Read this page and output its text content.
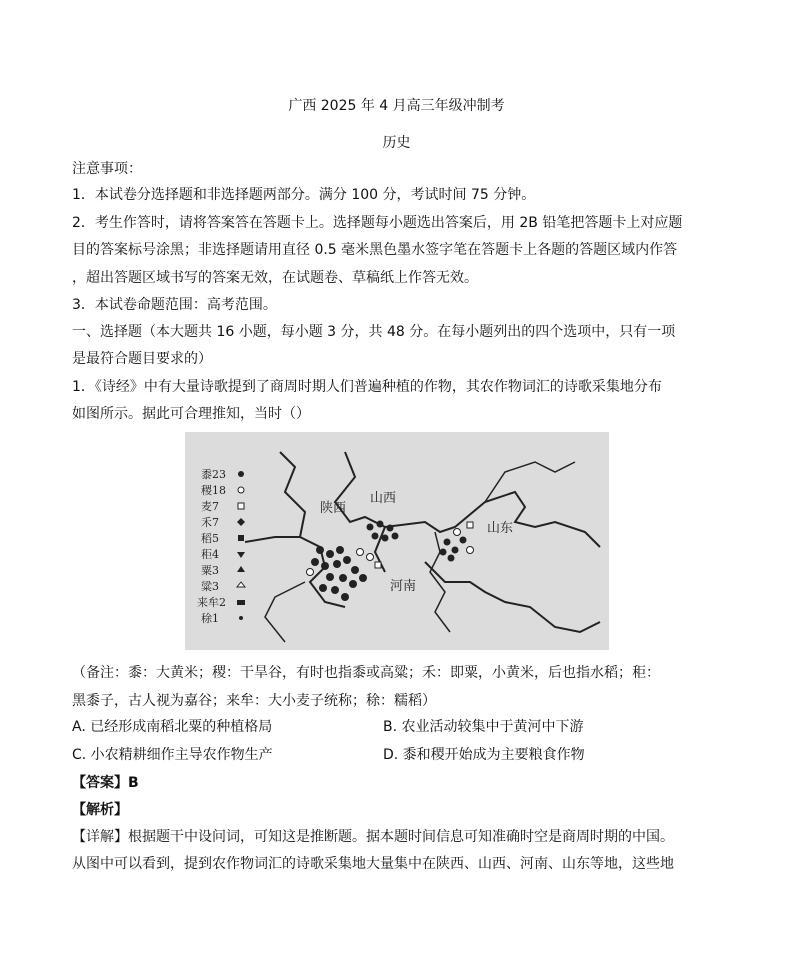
广西 2025 年 4 月高三年级冲制考
历史
注意事项：
1．本试卷分选择题和非选择题两部分。满分 100 分，考试时间 75 分钟。
2．考生作答时，请将答案答在答题卡上。选择题每小题选出答案后，用 2B 铅笔把答题卡上对应题
目的答案标号涂黑；非选择题请用直径 0.5 毫米黑色墨水签字笔在答题卡上各题的答题区域内作答
，超出答题区域书写的答案无效，在试题卷、草稿纸上作答无效。
3．本试卷命题范围：高考范围。
一、选择题（本大题共 16 小题，每小题 3 分，共 48 分。在每小题列出的四个选项中，只有一项
是最符合题目要求的）
1．《诗经》中有大量诗歌提到了商周时期人们普遍种植的作物，其农作物词汇的诗歌采集地分布
如图所示。据此可合理推知，当时（）
黍23
稷18
麦7
禾7
稻5
秬4
粟3
粱3
来牟2
稌1
陕西
山西
河南
山东
（备注：黍：大黄米；稷：干旱谷，有时也指黍或高粱；禾：即粟，小黄米，后也指水稻；秬：
黑黍子，古人视为嘉谷；来牟：大小麦子统称；稌：糯稻）
A. 已经形成南稻北粟的种植格局	B. 农业活动较集中于黄河中下游
C. 小农精耕细作主导农作物生产	D. 黍和稷开始成为主要粮食作物
【答案】B
【解析】
【详解】根据题干中设问词，可知这是推断题。据本题时间信息可知准确时空是商周时期的中国。
从图中可以看到，提到农作物词汇的诗歌采集地大量集中在陕西、山西、河南、山东等地，这些地
